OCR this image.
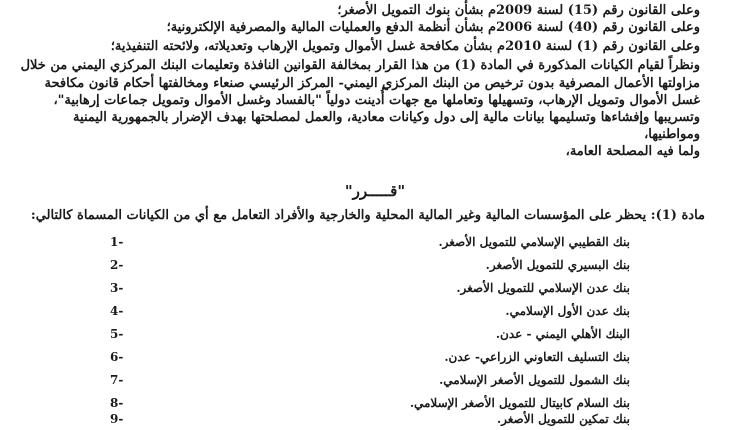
وعلى القانون رقم (15) لسنة 2009م بشأن بنوك التمويل الأصغر؛
وعلى القانون رقم (40) لسنة 2006م بشأن أنظمة الدفع والعمليات المالية والمصرفية الإلكترونية؛
وعلى القانون رقم (1) لسنة 2010م بشأن مكافحة غسل الأموال وتمويل الإرهاب وتعديلاته، ولائحته التنفيذية؛
ونظراً لقيام الكيانات المذكورة في المادة (1) من هذا القرار بمخالفة القوانين النافذة وتعليمات البنك المركزي اليمني من خلال
مزاولتها الأعمال المصرفية بدون ترخيص من البنك المركزي اليمني- المركز الرئيسي صنعاء ومخالفتها أحكام قانون مكافحة
غسل الأموال وتمويل الإرهاب، وتسهيلها وتعاملها مع جهات أُدينت دولياً "بالفساد وغسل الأموال وتمويل جماعات إرهابية"،
وتسريبها وإفشاءها وتسليمها بيانات مالية إلى دول وكيانات معادية، والعمل لمصلحتها بهدف الإضرار بالجمهورية اليمنية
ومواطنيها،
ولما فيه المصلحة العامة،
"قـــــرر"
مادة (1): يحظر على المؤسسات المالية وغير المالية المحلية والخارجية والأفراد التعامل مع أي من الكيانات المسماة كالتالي:
بنك القطيبي الإسلامي للتمويل الأصغر.
-1
بنك البسيري للتمويل الأصغر.
-2
بنك عدن الإسلامي للتمويل الأصغر.
-3
بنك عدن الأول الإسلامي.
-4
البنك الأهلي اليمني - عدن.
-5
بنك التسليف التعاوني الزراعي- عدن.
-6
بنك الشمول للتمويل الأصغر الإسلامي.
-7
بنك السلام كابيتال للتمويل الأصغر الإسلامي.
-8
بنك تمكين للتمويل الأصغر.
-9
